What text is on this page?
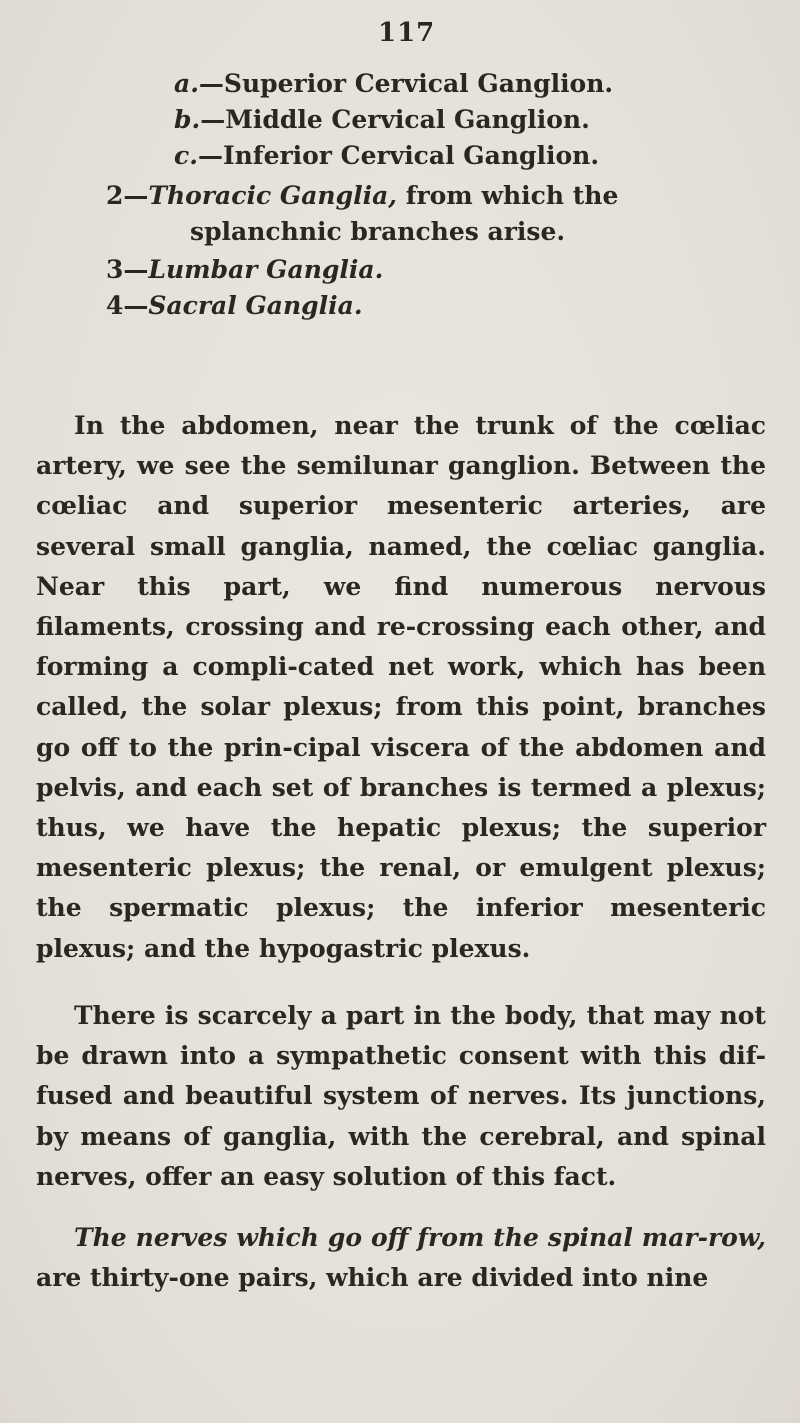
117
a.—Superior Cervical Ganglion.
b.—Middle Cervical Ganglion.
c.—Inferior Cervical Ganglion.
2—Thoracic Ganglia, from which the
splanchnic branches arise.
3—Lumbar Ganglia.
4—Sacral Ganglia.

In the abdomen, near the trunk of the cœliac artery, we see the semilunar ganglion. Between the cœliac and superior mesenteric arteries, are several small ganglia, named, the cœliac ganglia. Near this part, we find numerous nervous filaments, crossing and re-crossing each other, and forming a compli-cated net work, which has been called, the solar plexus; from this point, branches go off to the prin-cipal viscera of the abdomen and pelvis, and each set of branches is termed a plexus; thus, we have the hepatic plexus; the superior mesenteric plexus; the renal, or emulgent plexus; the spermatic plexus; the inferior mesenteric plexus; and the hypogastric plexus.

There is scarcely a part in the body, that may not be drawn into a sympathetic consent with this dif-fused and beautiful system of nerves. Its junctions, by means of ganglia, with the cerebral, and spinal nerves, offer an easy solution of this fact.

The nerves which go off from the spinal mar-row, are thirty-one pairs, which are divided into nine
